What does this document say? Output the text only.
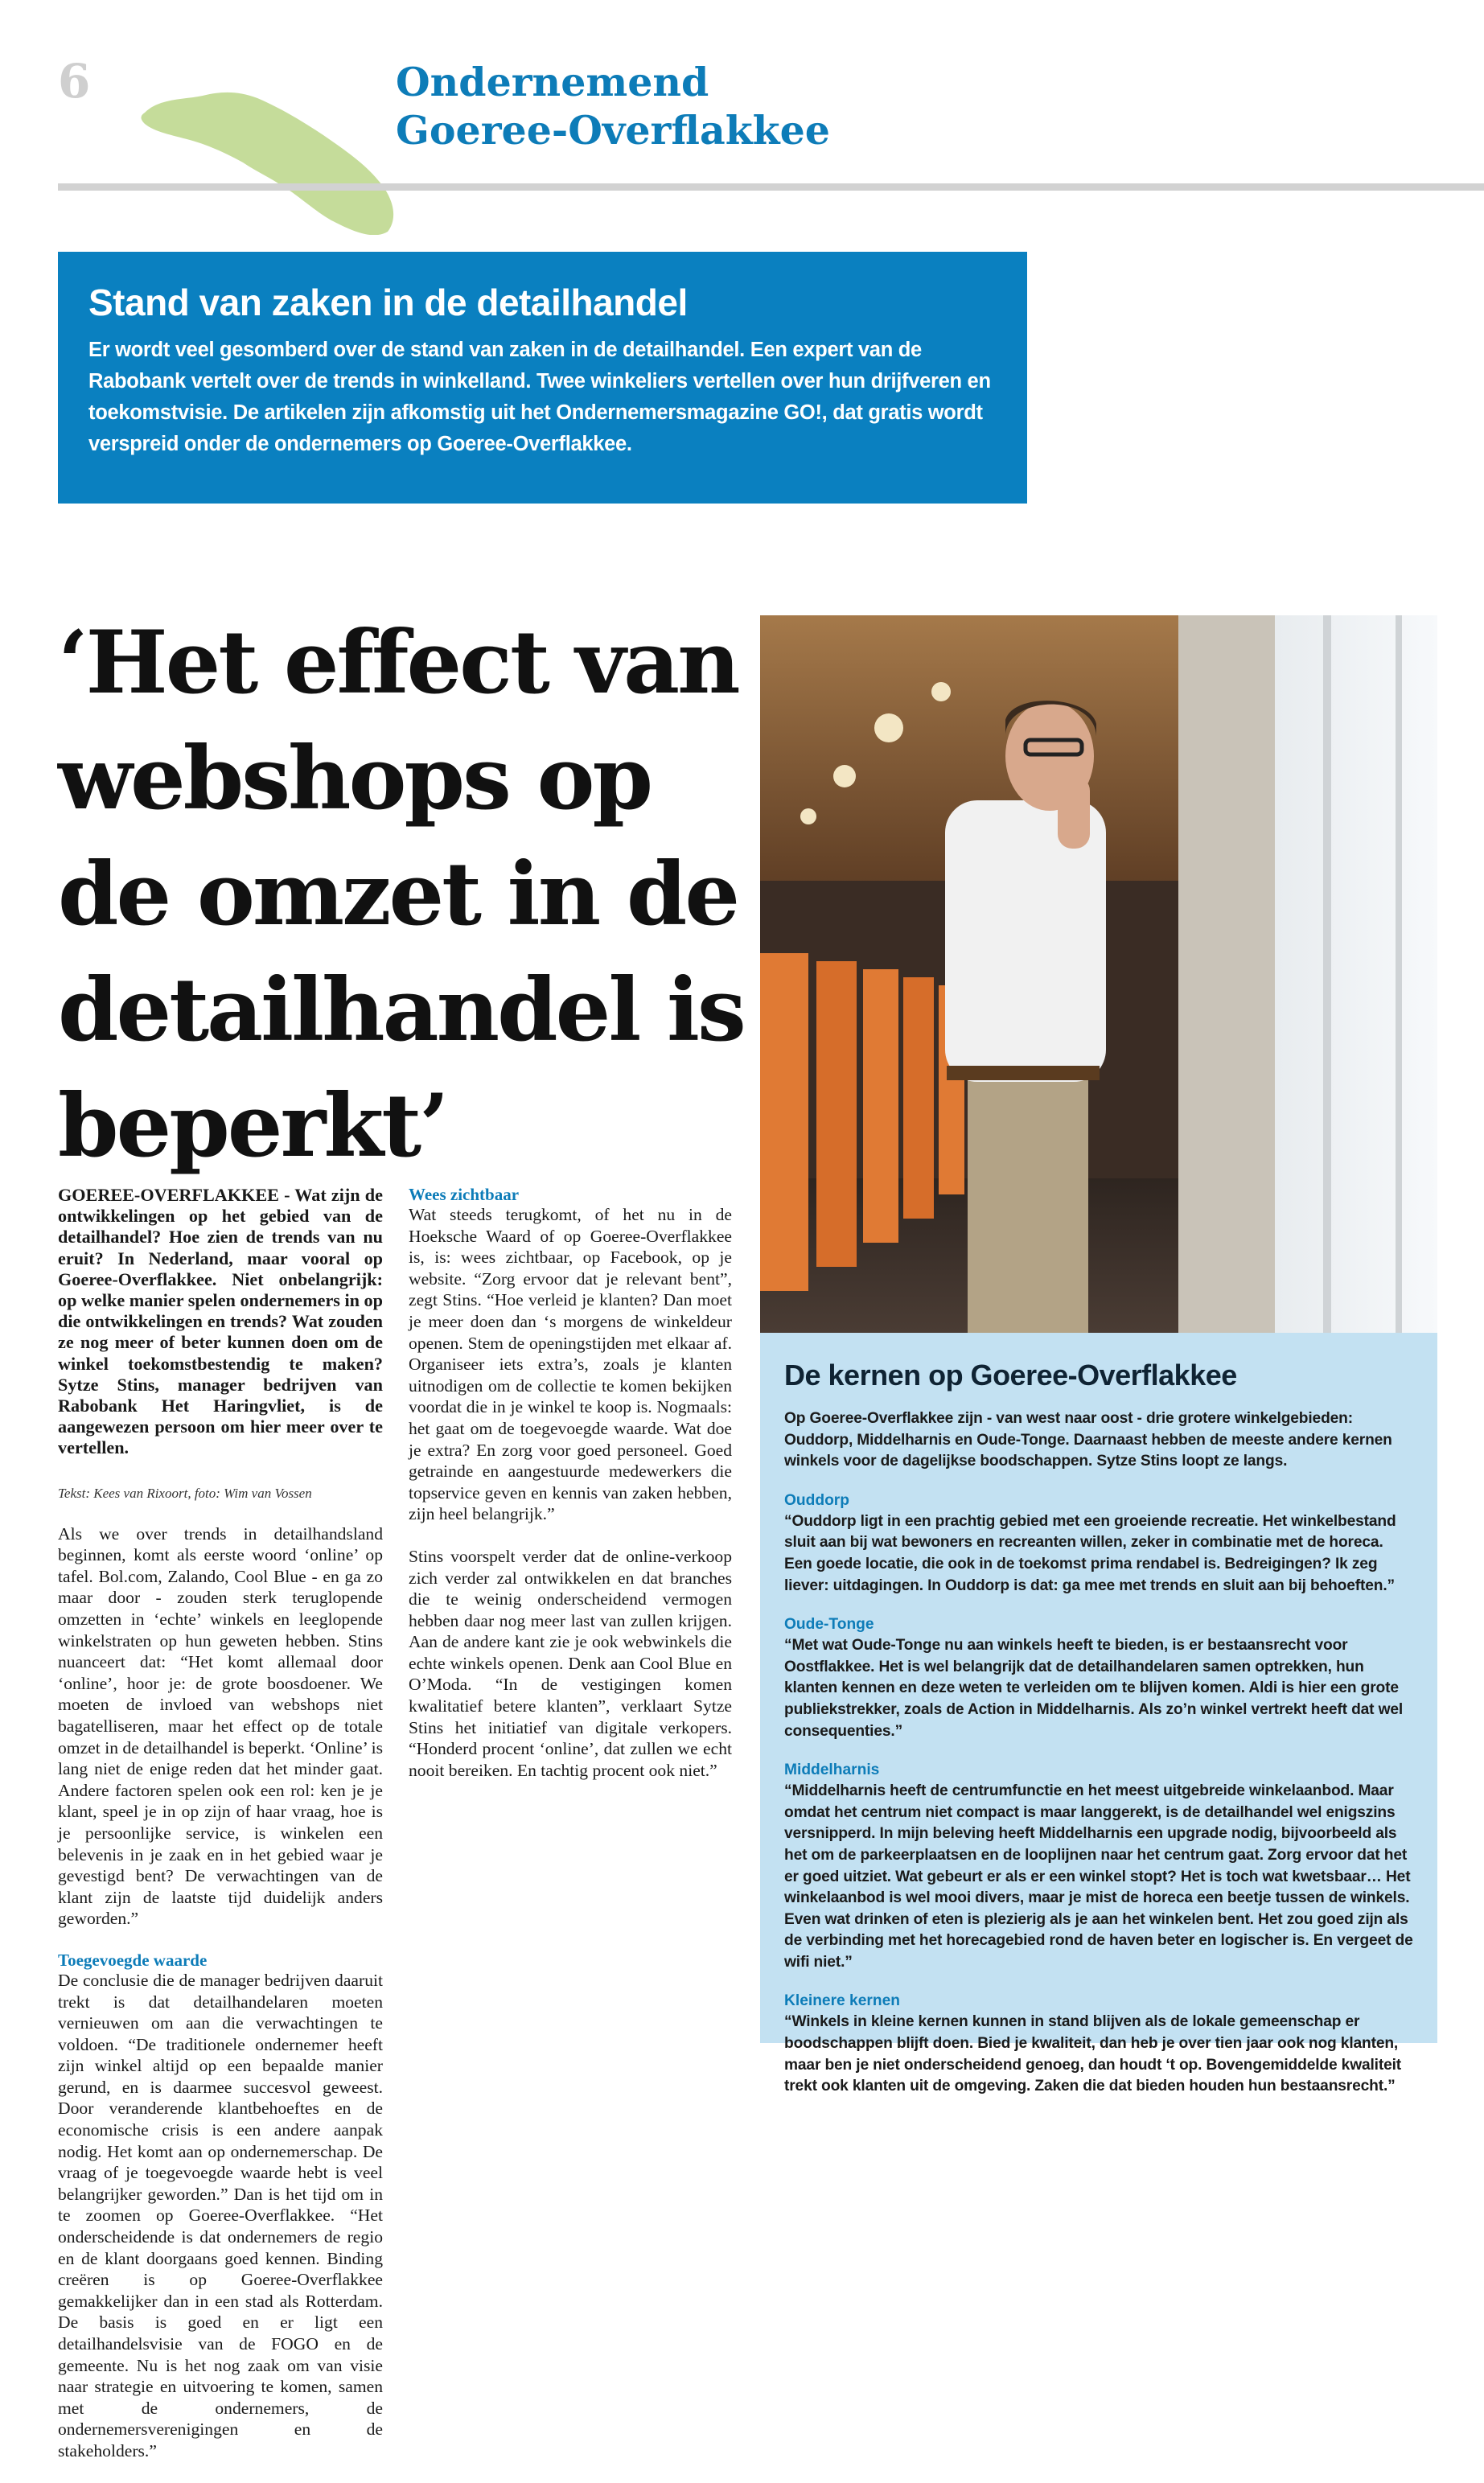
6	Ondernemend
Goeree-Overflakkee
Stand van zaken in de detailhandel
Er wordt veel gesomberd over de stand van zaken in de detailhandel. Een expert van de Rabobank vertelt over de trends in winkelland. Twee winkeliers vertellen over hun drijfveren en toekomstvisie. De artikelen zijn afkomstig uit het Ondernemersmagazine GO!, dat gratis wordt verspreid onder de ondernemers op Goeree-Overflakkee.
‘Het effect van
webshops op
de omzet in de
detailhandel is
beperkt’

GOEREE-OVERFLAKKEE - Wat zijn de ontwikkelingen op het gebied van de detailhandel? Hoe zien de trends van nu eruit? In Nederland, maar vooral op Goeree-Overflakkee. Niet onbelangrijk: op welke manier spelen ondernemers in op die ontwikkelingen en trends? Wat zouden ze nog meer of beter kunnen doen om de winkel toekomstbestendig te maken? Sytze Stins, manager bedrijven van Rabobank Het Haringvliet, is de aangewezen persoon om hier meer over te vertellen.

Tekst: Kees van Rixoort, foto: Wim van Vossen

Als we over trends in detailhandsland beginnen, komt als eerste woord ‘online’ op tafel. Bol.com, Zalando, Cool Blue - en ga zo maar door - zouden sterk teruglopende omzetten in ‘echte’ winkels en leeglopende winkelstraten op hun geweten hebben. Stins nuanceert dat: “Het komt allemaal door ‘online’, hoor je: de grote boosdoener. We moeten de invloed van webshops niet bagatelliseren, maar het effect op de totale omzet in de detailhandel is beperkt. ‘Online’ is lang niet de enige reden dat het minder gaat. Andere factoren spelen ook een rol: ken je je klant, speel je in op zijn of haar vraag, hoe is je persoonlijke service, is winkelen een belevenis in je zaak en in het gebied waar je gevestigd bent? De verwachtingen van de klant zijn de laatste tijd duidelijk anders geworden.”

Toegevoegde waarde

De conclusie die de manager bedrijven daaruit trekt is dat detailhandelaren moeten vernieuwen om aan die verwachtingen te voldoen. “De traditionele ondernemer heeft zijn winkel altijd op een bepaalde manier gerund, en is daarmee succesvol geweest. Door veranderende klantbehoeftes en de economische crisis is een andere aanpak nodig. Het komt aan op ondernemerschap. De vraag of je toegevoegde waarde hebt is veel belangrijker geworden.” Dan is het tijd om in te zoomen op Goeree-Overflakkee. “Het onderscheidende is dat ondernemers de regio en de klant doorgaans goed kennen. Binding creëren is op Goeree-Overflakkee gemakkelijker dan in een stad als Rotterdam. De basis is goed en er ligt een detailhandelsvisie van de FOGO en de gemeente. Nu is het nog zaak om van visie naar strategie en uitvoering te komen, samen met de ondernemers, de ondernemersverenigingen en de stakeholders.”

Wees zichtbaar

Wat steeds terugkomt, of het nu in de Hoeksche Waard of op Goeree-Overflakkee is, is: wees zichtbaar, op Facebook, op je website. “Zorg ervoor dat je relevant bent”, zegt Stins. “Hoe verleid je klanten? Dan moet je meer doen dan ‘s morgens de winkeldeur openen. Stem de openingstijden met elkaar af. Organiseer iets extra’s, zoals je klanten uitnodigen om de collectie te komen bekijken voordat die in je winkel te koop is. Nogmaals: het gaat om de toegevoegde waarde. Wat doe je extra? En zorg voor goed personeel. Goed getrainde en aangestuurde medewerkers die topservice geven en kennis van zaken hebben, zijn heel belangrijk.”

Stins voorspelt verder dat de online-verkoop zich verder zal ontwikkelen en dat branches die te weinig onderscheidend vermogen hebben daar nog meer last van zullen krijgen. Aan de andere kant zie je ook webwinkels die echte winkels openen. Denk aan Cool Blue en O’Moda. “In de vestigingen komen kwalitatief betere klanten”, verklaart Sytze Stins het initiatief van digitale verkopers. “Honderd procent ‘online’, dat zullen we echt nooit bereiken. En tachtig procent ook niet.”

De kernen op Goeree-Overflakkee

Op Goeree-Overflakkee zijn - van west naar oost - drie grotere winkelgebieden: Ouddorp, Middelharnis en Oude-Tonge. Daarnaast hebben de meeste andere kernen winkels voor de dagelijkse boodschappen. Sytze Stins loopt ze langs.

Ouddorp

“Ouddorp ligt in een prachtig gebied met een groeiende recreatie. Het winkelbestand sluit aan bij wat bewoners en recreanten willen, zeker in combinatie met de horeca. Een goede locatie, die ook in de toekomst prima rendabel is. Bedreigingen? Ik zeg liever: uitdagingen. In Ouddorp is dat: ga mee met trends en sluit aan bij behoeften.”

Oude-Tonge

“Met wat Oude-Tonge nu aan winkels heeft te bieden, is er bestaansrecht voor Oostflakkee. Het is wel belangrijk dat de detailhandelaren samen optrekken, hun klanten kennen en deze weten te verleiden om te blijven komen. Aldi is hier een grote publiekstrekker, zoals de Action in Middelharnis. Als zo’n winkel vertrekt heeft dat wel consequenties.”

Middelharnis

“Middelharnis heeft de centrumfunctie en het meest uitgebreide winkelaanbod. Maar omdat het centrum niet compact is maar langgerekt, is de detailhandel wel enigszins versnipperd. In mijn beleving heeft Middelharnis een upgrade nodig, bijvoorbeeld als het om de parkeerplaatsen en de looplijnen naar het centrum gaat. Zorg ervoor dat het er goed uitziet. Wat gebeurt er als er een winkel stopt? Het is toch wat kwetsbaar… Het winkelaanbod is wel mooi divers, maar je mist de horeca een beetje tussen de winkels. Even wat drinken of eten is plezierig als je aan het winkelen bent. Het zou goed zijn als de verbinding met het horecagebied rond de haven beter en logischer is. En vergeet de wifi niet.”

Kleinere kernen

“Winkels in kleine kernen kunnen in stand blijven als de lokale gemeenschap er boodschappen blijft doen. Bied je kwaliteit, dan heb je over tien jaar ook nog klanten, maar ben je niet onderscheidend genoeg, dan houdt ‘t op. Bovengemiddelde kwaliteit trekt ook klanten uit de omgeving. Zaken die dat bieden houden hun bestaansrecht.”
